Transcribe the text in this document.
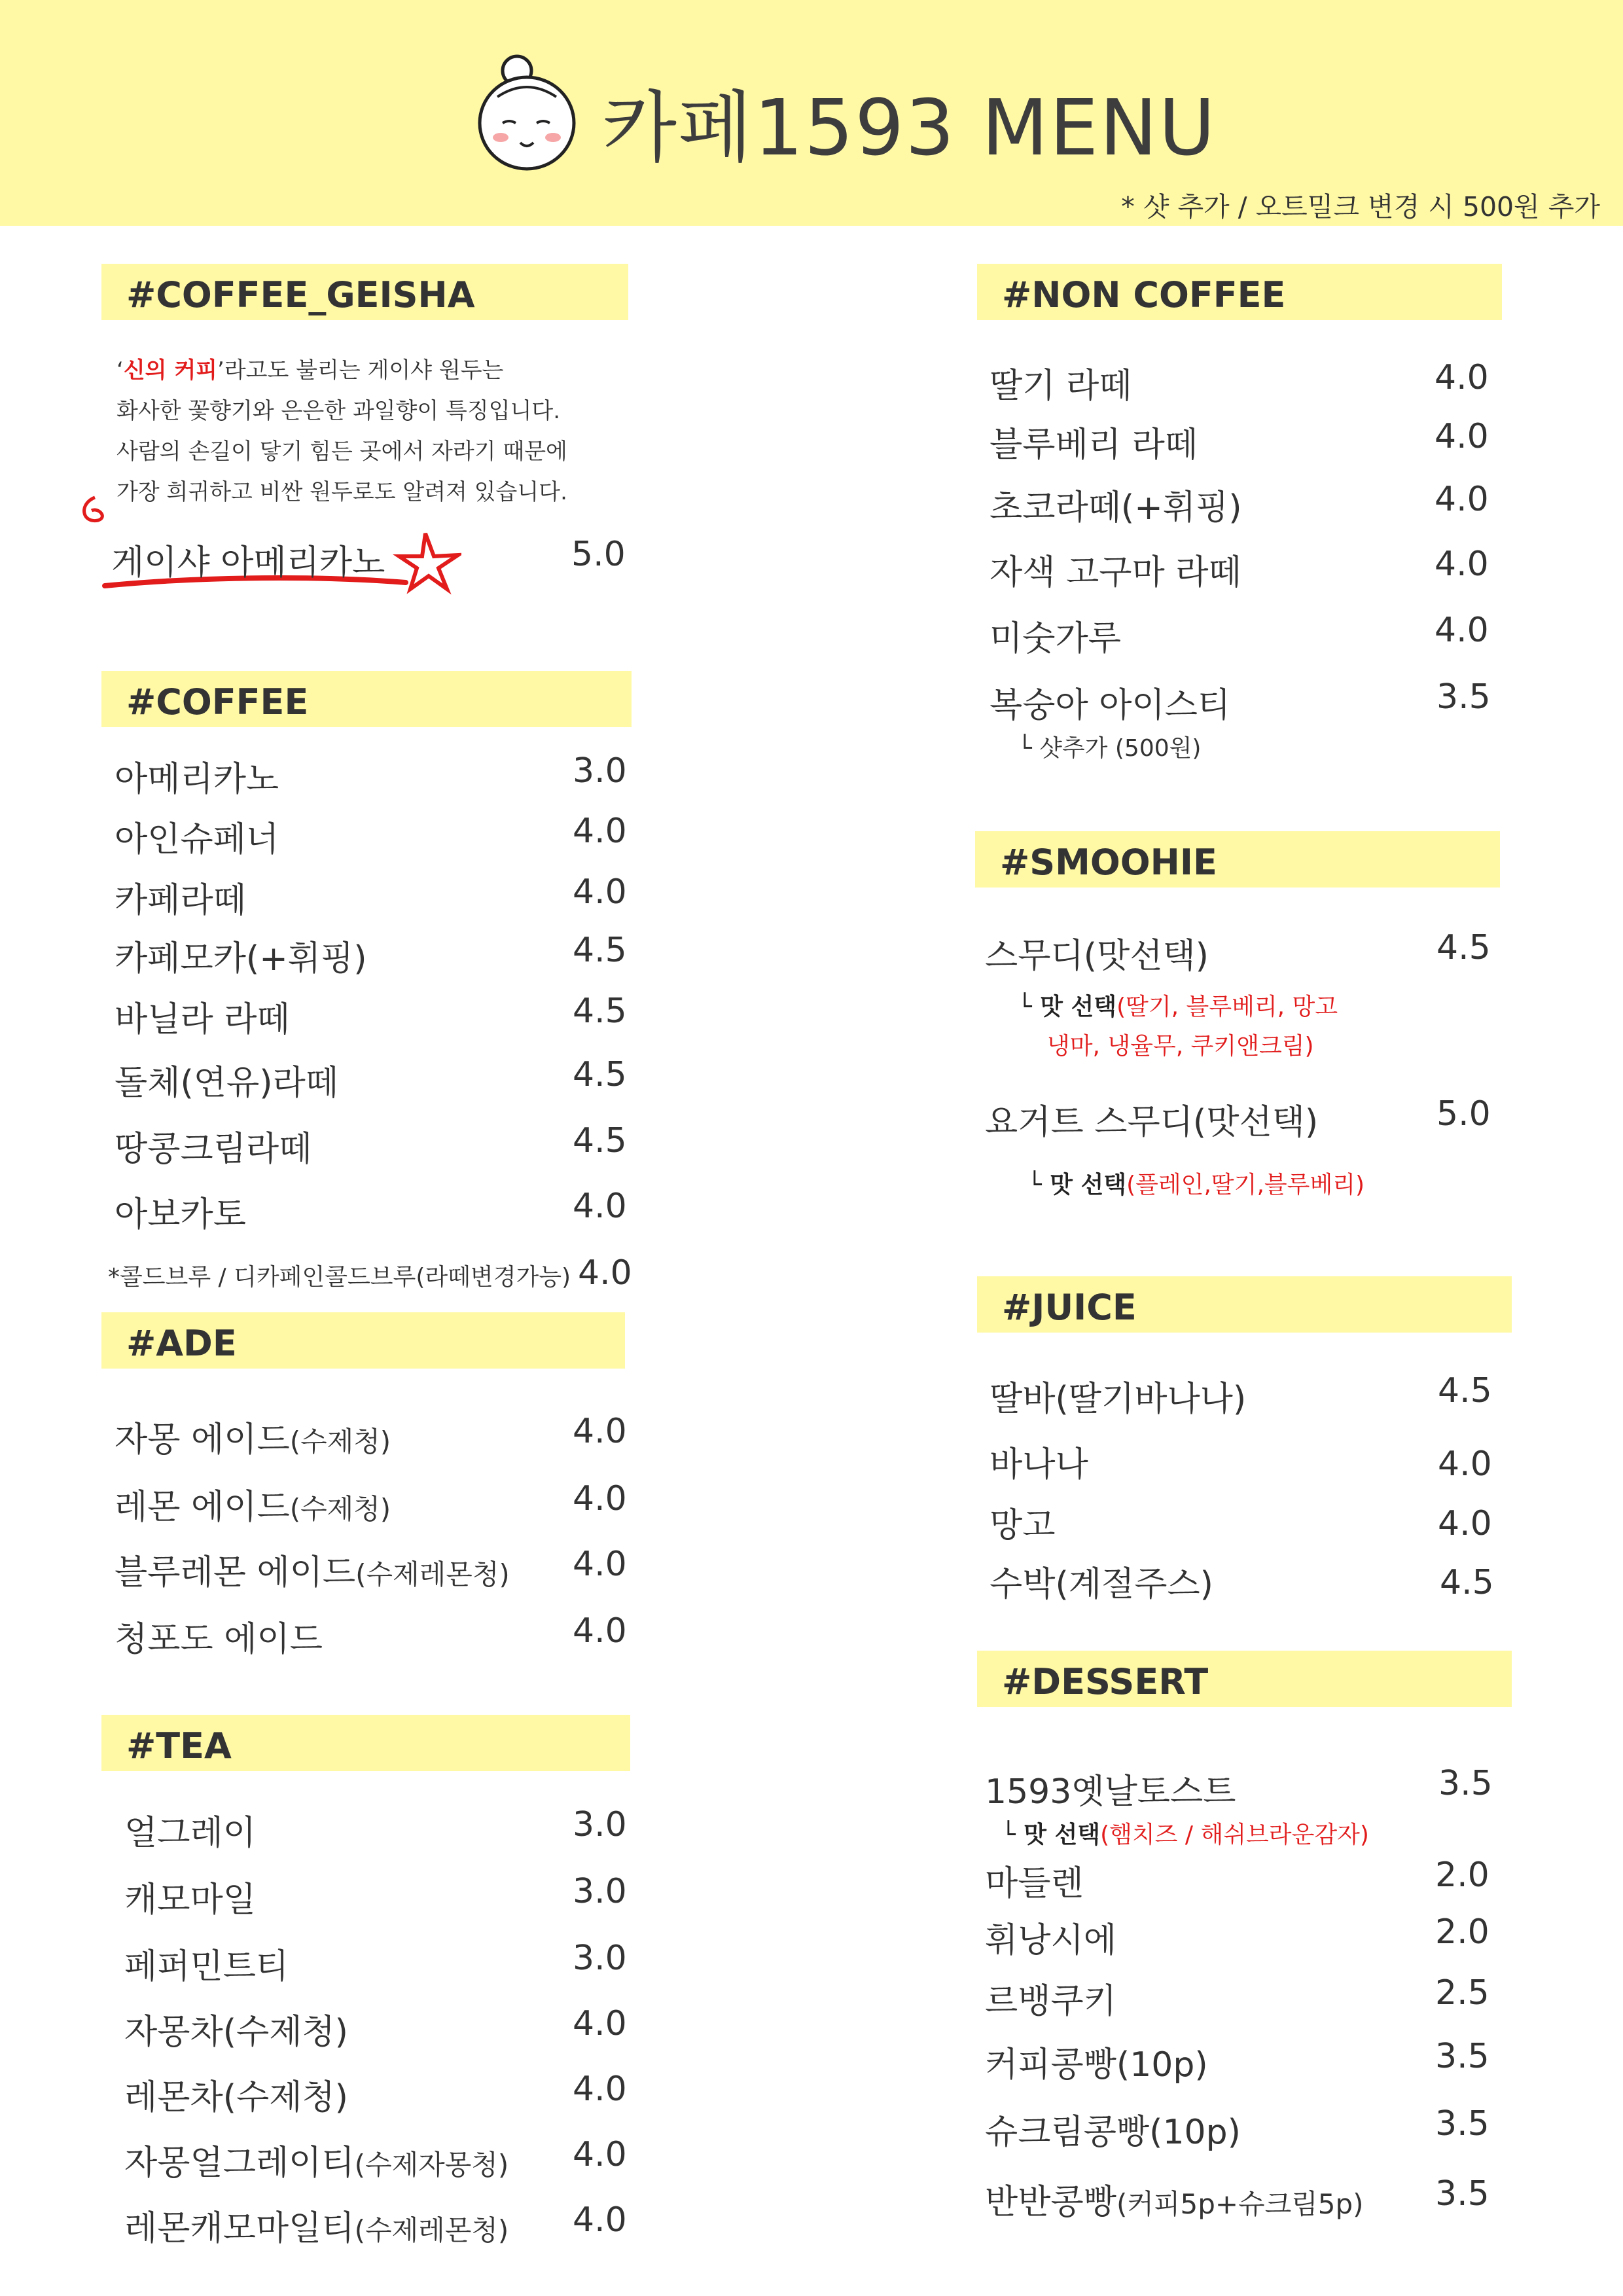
카페1593 MENU
* 샷 추가 / 오트밀크 변경 시 500원 추가
#COFFEE_GEISHA

‘신의 커피’라고도 불리는 게이샤 원두는

화사한 꽃향기와 은은한 과일향이 특징입니다.

사람의 손길이 닿기 힘든 곳에서 자라기 때문에

가장 희귀하고 비싼 원두로도 알려져 있습니다.

게이샤 아메리카노	5.0
#COFFEE
아메리카노	3.0
아인슈페너	4.0
카페라떼	4.0
카페모카(+휘핑)	4.5
바닐라 라떼	4.5
돌체(연유)라떼	4.5
땅콩크림라떼	4.5
아보카토	4.0
*콜드브루 / 디카페인콜드브루(라떼변경가능) 4.0
#ADE
자몽 에이드(수제청)	4.0
레몬 에이드(수제청)	4.0
블루레몬 에이드(수제레몬청) 4.0
청포도 에이드	4.0
#TEA
얼그레이	3.0
캐모마일	3.0
페퍼민트티	3.0
자몽차(수제청)	4.0
레몬차(수제청)	4.0
자몽얼그레이티(수제자몽청) 4.0
레몬캐모마일티(수제레몬청) 4.0
#NON COFFEE
딸기 라떼	4.0
블루베리 라떼	4.0
초코라떼(+휘핑)	4.0
자색 고구마 라떼	4.0
미숫가루	4.0
복숭아 아이스티	3.5
└ 샷추가 (500원)
#SMOOHIE
스무디(맛선택)	4.5
└ 맛 선택(딸기, 블루베리, 망고
냉마, 냉율무, 쿠키앤크림)
요거트 스무디(맛선택)	5.0
└ 맛 선택(플레인,딸기,블루베리)
#JUICE
딸바(딸기바나나)	4.5
바나나	4.0
망고	4.0
수박(계절주스)	4.5
#DESSERT
1593옛날토스트	3.5
└ 맛 선택(햄치즈 / 해쉬브라운감자)
마들렌	2.0
휘낭시에	2.0
르뱅쿠키	2.5
커피콩빵(10p)	3.5
슈크림콩빵(10p)	3.5
반반콩빵(커피5p+슈크림5p) 3.5
